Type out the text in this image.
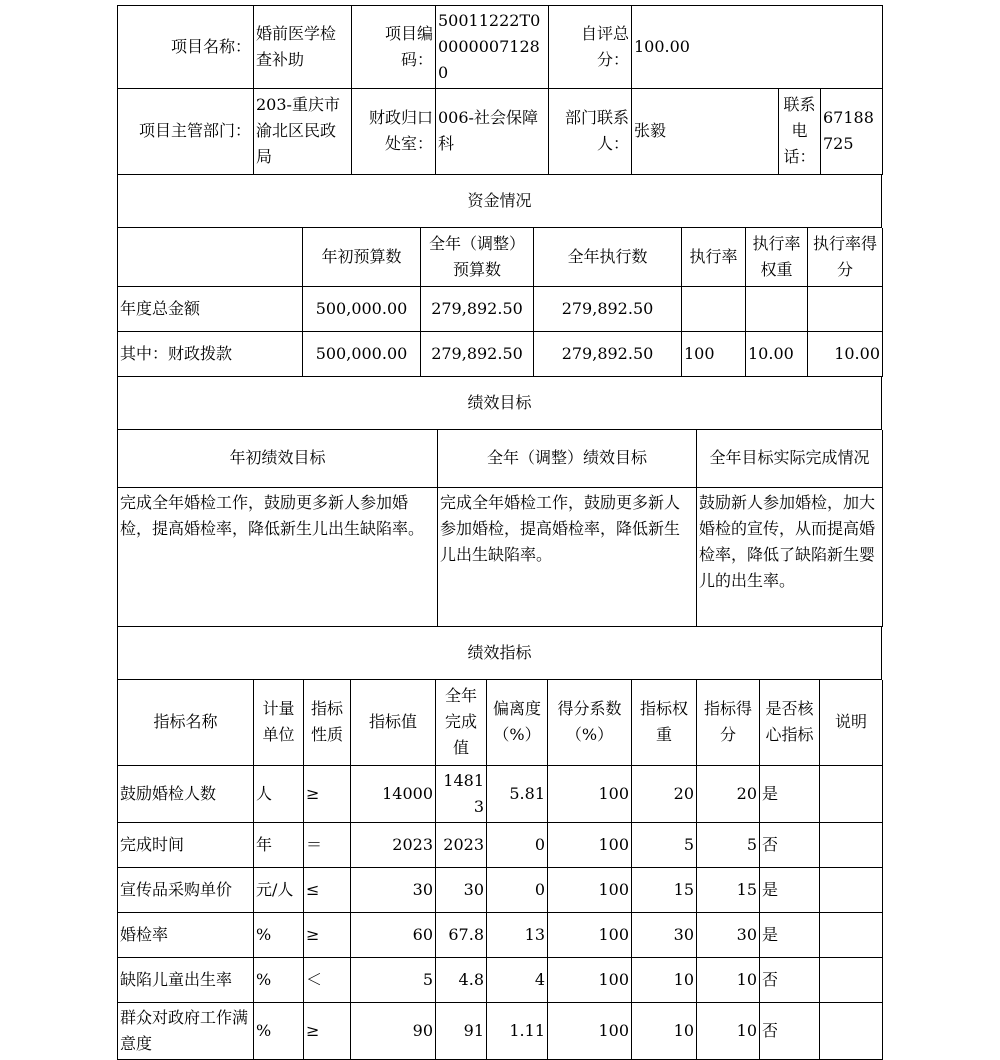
项目名称：	婚前医学检查补助	项目编码：	50011222T000000071280	自评总分：	100.00
项目主管部门：	203-重庆市渝北区民政局	财政归口处室：	006-社会保障科	部门联系人：	张毅	联系电话：	67188725
资金情况
	年初预算数	全年（调整）预算数	全年执行数	执行率	执行率权重	执行率得分
年度总金额	500,000.00	279,892.50	279,892.50			
其中：财政拨款	500,000.00	279,892.50	279,892.50	100	10.00	10.00
绩效目标
年初绩效目标	全年（调整）绩效目标	全年目标实际完成情况
完成全年婚检工作，鼓励更多新人参加婚检，提高婚检率，降低新生儿出生缺陷率。	完成全年婚检工作，鼓励更多新人参加婚检，提高婚检率，降低新生儿出生缺陷率。	鼓励新人参加婚检，加大婚检的宣传，从而提高婚检率，降低了缺陷新生婴儿的出生率。
绩效指标
指标名称	计量单位	指标性质	指标值	全年完成值	偏离度（%）	得分系数（%）	指标权重	指标得分	是否核心指标	说明
鼓励婚检人数	人	≥	14000	14813	5.81	100	20	20	是	
完成时间	年	＝	2023	2023	0	100	5	5	否	
宣传品采购单价	元/人	≤	30	30	0	100	15	15	是	
婚检率	%	≥	60	67.8	13	100	30	30	是	
缺陷儿童出生率	%	＜	5	4.8	4	100	10	10	否	
群众对政府工作满意度	%	≥	90	91	1.11	100	10	10	否	
